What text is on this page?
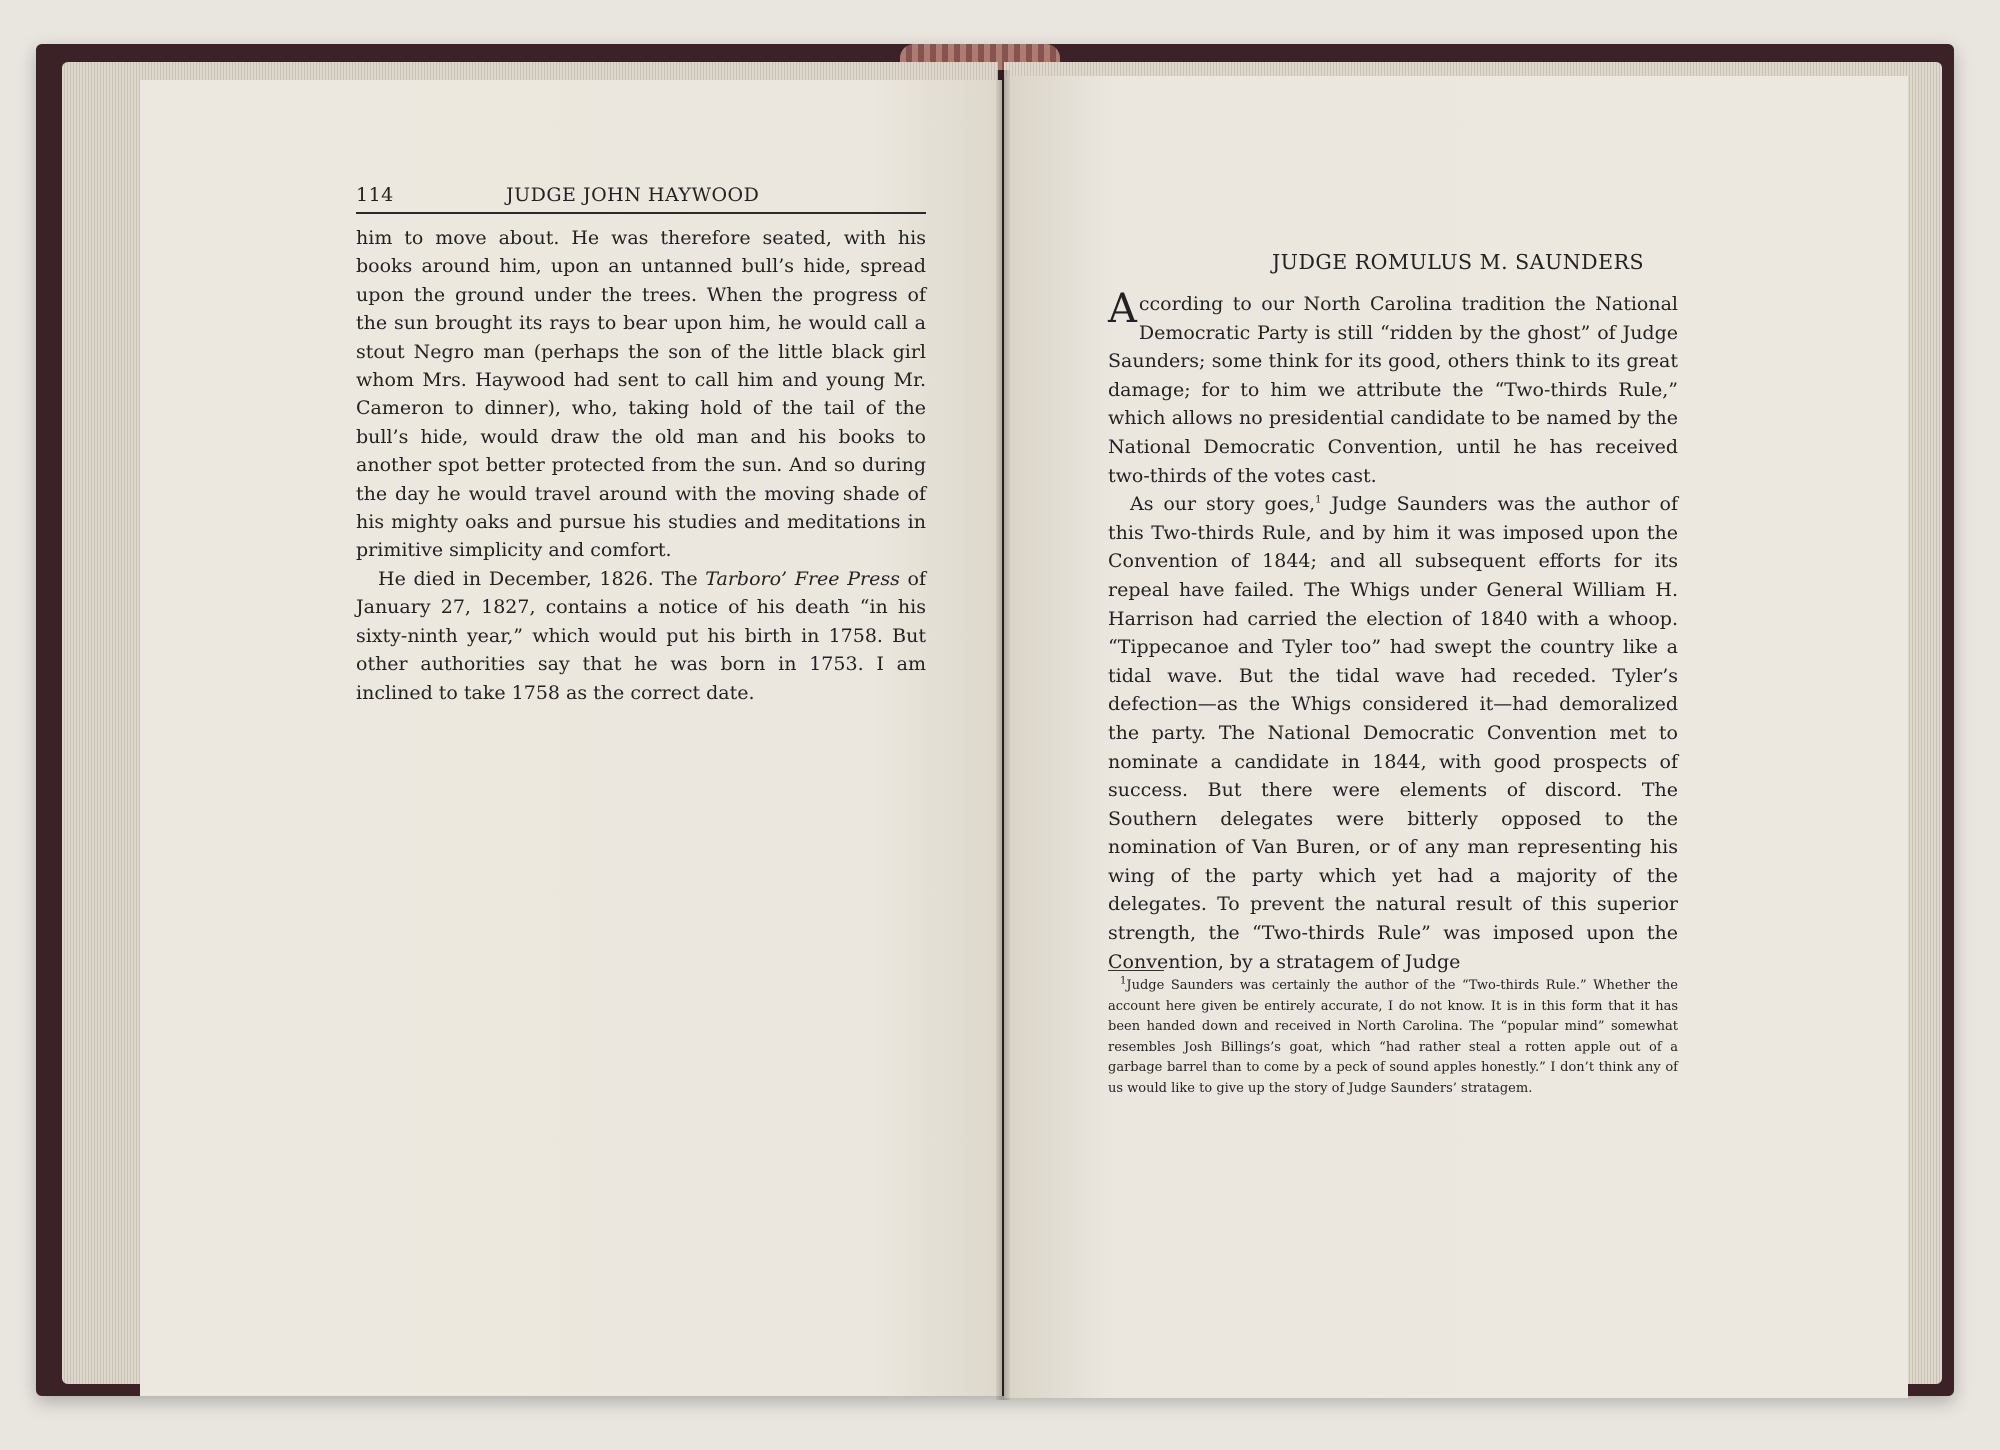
114	JUDGE JOHN HAYWOOD

him to move about. He was therefore seated, with his books around him, upon an untanned bull’s hide, spread upon the ground under the trees. When the progress of the sun brought its rays to bear upon him, he would call a stout Negro man (perhaps the son of the little black girl whom Mrs. Haywood had sent to call him and young Mr. Cameron to dinner), who, taking hold of the tail of the bull’s hide, would draw the old man and his books to another spot better protected from the sun. And so during the day he would travel around with the moving shade of his mighty oaks and pursue his studies and meditations in primitive simplicity and comfort.

He died in December, 1826. The Tarboro’ Free Press of January 27, 1827, contains a notice of his death “in his sixty-ninth year,” which would put his birth in 1758. But other authorities say that he was born in 1753. I am inclined to take 1758 as the correct date.

JUDGE ROMULUS M. SAUNDERS

According to our North Carolina tradition the National Democratic Party is still “ridden by the ghost” of Judge Saunders; some think for its good, others think to its great damage; for to him we attribute the “Two-thirds Rule,” which allows no presidential candidate to be named by the National Democratic Convention, until he has received two-thirds of the votes cast.

As our story goes,$^1$ Judge Saunders was the author of this Two-thirds Rule, and by him it was imposed upon the Convention of 1844; and all subsequent efforts for its repeal have failed. The Whigs under General William H. Harrison had carried the election of 1840 with a whoop. “Tippecanoe and Tyler too” had swept the country like a tidal wave. But the tidal wave had receded. Tyler’s defection—as the Whigs considered it—had demoralized the party. The National Democratic Convention met to nominate a candidate in 1844, with good prospects of success. But there were elements of discord. The Southern delegates were bitterly opposed to the nomination of Van Buren, or of any man representing his wing of the party which yet had a majority of the delegates. To prevent the natural result of this superior strength, the “Two-thirds Rule” was imposed upon the Convention, by a stratagem of Judge

$^1$Judge Saunders was certainly the author of the “Two-thirds Rule.” Whether the account here given be entirely accurate, I do not know. It is in this form that it has been handed down and received in North Carolina. The “popular mind” somewhat resembles Josh Billings’s goat, which “had rather steal a rotten apple out of a garbage barrel than to come by a peck of sound apples honestly.” I don’t think any of us would like to give up the story of Judge Saunders’ stratagem.
